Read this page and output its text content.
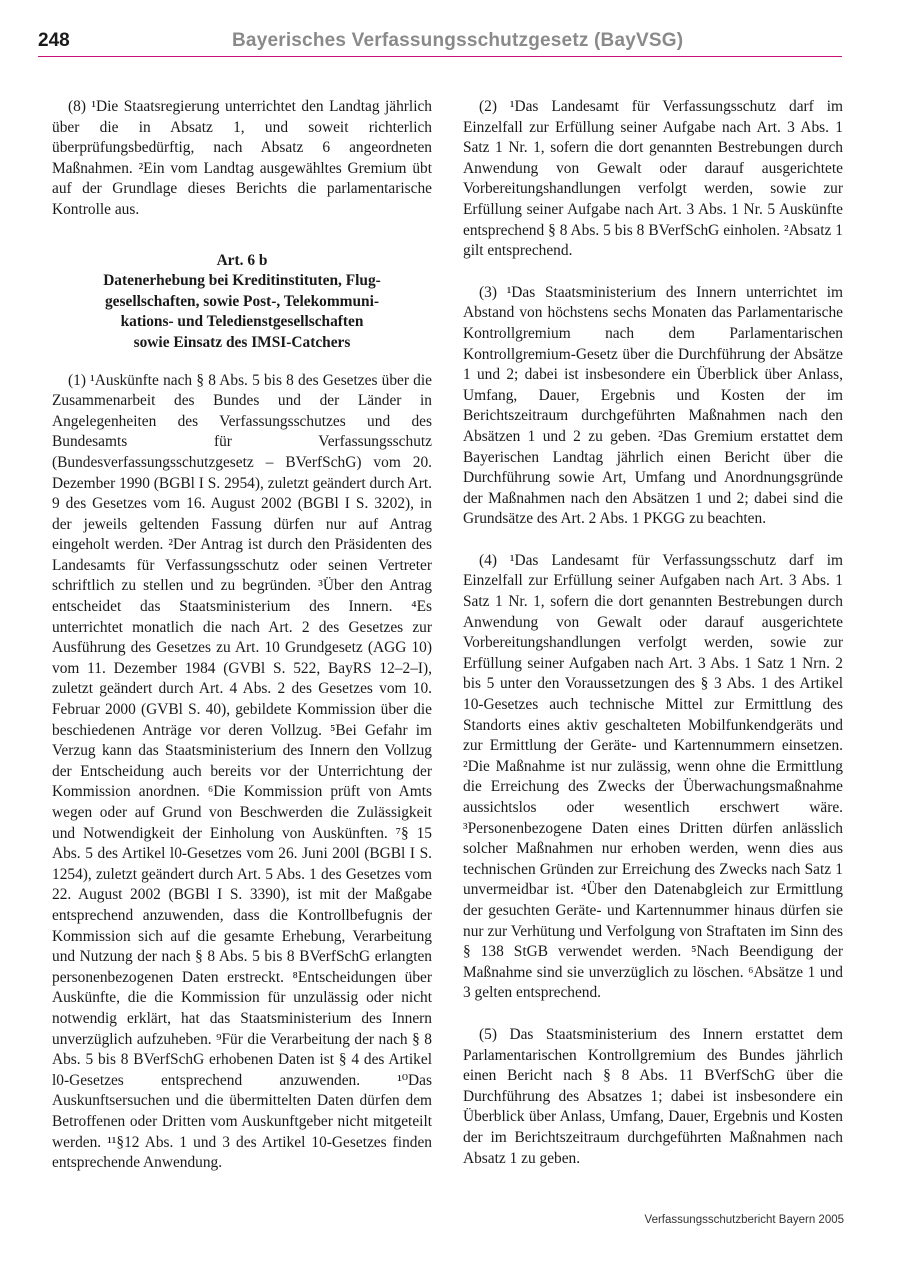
248	Bayerisches Verfassungsschutzgesetz (BayVSG)

(8) ¹Die Staatsregierung unterrichtet den Landtag jährlich über die in Absatz 1, und soweit richterlich überprüfungsbedürftig, nach Absatz 6 angeordneten Maßnahmen. ²Ein vom Landtag ausgewähltes Gremium übt auf der Grundlage dieses Berichts die parlamentarische Kontrolle aus.

Art. 6 b
Datenerhebung bei Kreditinstituten, Flug-
gesellschaften, sowie Post-, Telekommuni-
kations- und Teledienstgesellschaften
sowie Einsatz des IMSI-Catchers

(1) ¹Auskünfte nach § 8 Abs. 5 bis 8 des Gesetzes über die Zusammenarbeit des Bundes und der Länder in Angelegenheiten des Verfassungsschutzes und des Bundesamts für Verfassungsschutz (Bundesverfassungsschutzgesetz – BVerfSchG) vom 20. Dezember 1990 (BGBl I S. 2954), zuletzt geändert durch Art. 9 des Gesetzes vom 16. August 2002 (BGBl I S. 3202), in der jeweils geltenden Fassung dürfen nur auf Antrag eingeholt werden. ²Der Antrag ist durch den Präsidenten des Landesamts für Verfassungsschutz oder seinen Vertreter schriftlich zu stellen und zu begründen. ³Über den Antrag entscheidet das Staatsministerium des Innern. ⁴Es unterrichtet monatlich die nach Art. 2 des Gesetzes zur Ausführung des Gesetzes zu Art. 10 Grundgesetz (AGG 10) vom 11. Dezember 1984 (GVBl S. 522, BayRS 12–2–I), zuletzt geändert durch Art. 4 Abs. 2 des Gesetzes vom 10. Februar 2000 (GVBl S. 40), gebildete Kommission über die beschiedenen Anträge vor deren Vollzug. ⁵Bei Gefahr im Verzug kann das Staatsministerium des Innern den Vollzug der Entscheidung auch bereits vor der Unterrichtung der Kommission anordnen. ⁶Die Kommission prüft von Amts wegen oder auf Grund von Beschwerden die Zulässigkeit und Notwendigkeit der Einholung von Auskünften. ⁷§ 15 Abs. 5 des Artikel l0-Gesetzes vom 26. Juni 200l (BGBl I S. 1254), zuletzt geändert durch Art. 5 Abs. 1 des Gesetzes vom 22. August 2002 (BGBl I S. 3390), ist mit der Maßgabe entsprechend anzuwenden, dass die Kontrollbefugnis der Kommission sich auf die gesamte Erhebung, Verarbeitung und Nutzung der nach § 8 Abs. 5 bis 8 BVerfSchG erlangten personenbezogenen Daten erstreckt. ⁸Entscheidungen über Auskünfte, die die Kommission für unzulässig oder nicht notwendig erklärt, hat das Staatsministerium des Innern unverzüglich aufzuheben. ⁹Für die Verarbeitung der nach § 8 Abs. 5 bis 8 BVerfSchG erhobenen Daten ist § 4 des Artikel l0-Gesetzes entsprechend anzuwenden. ¹⁰Das Auskunftsersuchen und die übermittelten Daten dürfen dem Betroffenen oder Dritten vom Auskunftgeber nicht mitgeteilt werden. ¹¹§12 Abs. 1 und 3 des Artikel 10-Gesetzes finden entsprechende Anwendung.

(2) ¹Das Landesamt für Verfassungsschutz darf im Einzelfall zur Erfüllung seiner Aufgabe nach Art. 3 Abs. 1 Satz 1 Nr. 1, sofern die dort genannten Bestrebungen durch Anwendung von Gewalt oder darauf ausgerichtete Vorbereitungshandlungen verfolgt werden, sowie zur Erfüllung seiner Aufgabe nach Art. 3 Abs. 1 Nr. 5 Auskünfte entsprechend § 8 Abs. 5 bis 8 BVerfSchG einholen. ²Absatz 1 gilt entsprechend.

(3) ¹Das Staatsministerium des Innern unterrichtet im Abstand von höchstens sechs Monaten das Parlamentarische Kontrollgremium nach dem Parlamentarischen Kontrollgremium-Gesetz über die Durchführung der Absätze 1 und 2; dabei ist insbesondere ein Überblick über Anlass, Umfang, Dauer, Ergebnis und Kosten der im Berichtszeitraum durchgeführten Maßnahmen nach den Absätzen 1 und 2 zu geben. ²Das Gremium erstattet dem Bayerischen Landtag jährlich einen Bericht über die Durchführung sowie Art, Umfang und Anordnungsgründe der Maßnahmen nach den Absätzen 1 und 2; dabei sind die Grundsätze des Art. 2 Abs. 1 PKGG zu beachten.

(4) ¹Das Landesamt für Verfassungsschutz darf im Einzelfall zur Erfüllung seiner Aufgaben nach Art. 3 Abs. 1 Satz 1 Nr. 1, sofern die dort genannten Bestrebungen durch Anwendung von Gewalt oder darauf ausgerichtete Vorbereitungshandlungen verfolgt werden, sowie zur Erfüllung seiner Aufgaben nach Art. 3 Abs. 1 Satz 1 Nrn. 2 bis 5 unter den Voraussetzungen des § 3 Abs. 1 des Artikel 10-Gesetzes auch technische Mittel zur Ermittlung des Standorts eines aktiv geschalteten Mobilfunkendgeräts und zur Ermittlung der Geräte- und Kartennummern einsetzen. ²Die Maßnahme ist nur zulässig, wenn ohne die Ermittlung die Erreichung des Zwecks der Überwachungsmaßnahme aussichtslos oder wesentlich erschwert wäre. ³Personenbezogene Daten eines Dritten dürfen anlässlich solcher Maßnahmen nur erhoben werden, wenn dies aus technischen Gründen zur Erreichung des Zwecks nach Satz 1 unvermeidbar ist. ⁴Über den Datenabgleich zur Ermittlung der gesuchten Geräte- und Kartennummer hinaus dürfen sie nur zur Verhütung und Verfolgung von Straftaten im Sinn des § 138 StGB verwendet werden. ⁵Nach Beendigung der Maßnahme sind sie unverzüglich zu löschen. ⁶Absätze 1 und 3 gelten entsprechend.

(5) Das Staatsministerium des Innern erstattet dem Parlamentarischen Kontrollgremium des Bundes jährlich einen Bericht nach § 8 Abs. 11 BVerfSchG über die Durchführung des Absatzes 1; dabei ist insbesondere ein Überblick über Anlass, Umfang, Dauer, Ergebnis und Kosten der im Berichtszeitraum durchgeführten Maßnahmen nach Absatz 1 zu geben.

Verfassungsschutzbericht Bayern 2005
